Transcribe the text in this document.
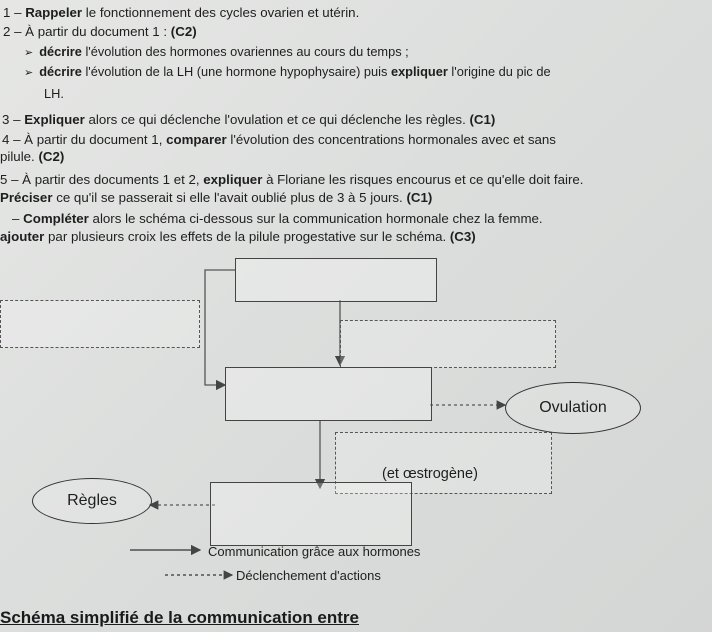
1 – Rappeler le fonctionnement des cycles ovarien et utérin.
2 – À partir du document 1 : (C2)
➢ décrire l'évolution des hormones ovariennes au cours du temps ;
➢ décrire l'évolution de la LH (une hormone hypophysaire) puis expliquer l'origine du pic de
LH.
3 – Expliquer alors ce qui déclenche l'ovulation et ce qui déclenche les règles. (C1)
4 – À partir du document 1, comparer l'évolution des concentrations hormonales avec et sans
pilule. (C2)
5 – À partir des documents 1 et 2, expliquer à Floriane les risques encourus et ce qu'elle doit faire.
Préciser ce qu'il se passerait si elle l'avait oublié plus de 3 à 5 jours. (C1)
– Compléter alors le schéma ci-dessous sur la communication hormonale chez la femme.
ajouter par plusieurs croix les effets de la pilule progestative sur le schéma. (C3)
Ovulation
Règles
(et œstrogène)
Communication grâce aux hormones
Déclenchement d'actions
Schéma simplifié de la communication entre
